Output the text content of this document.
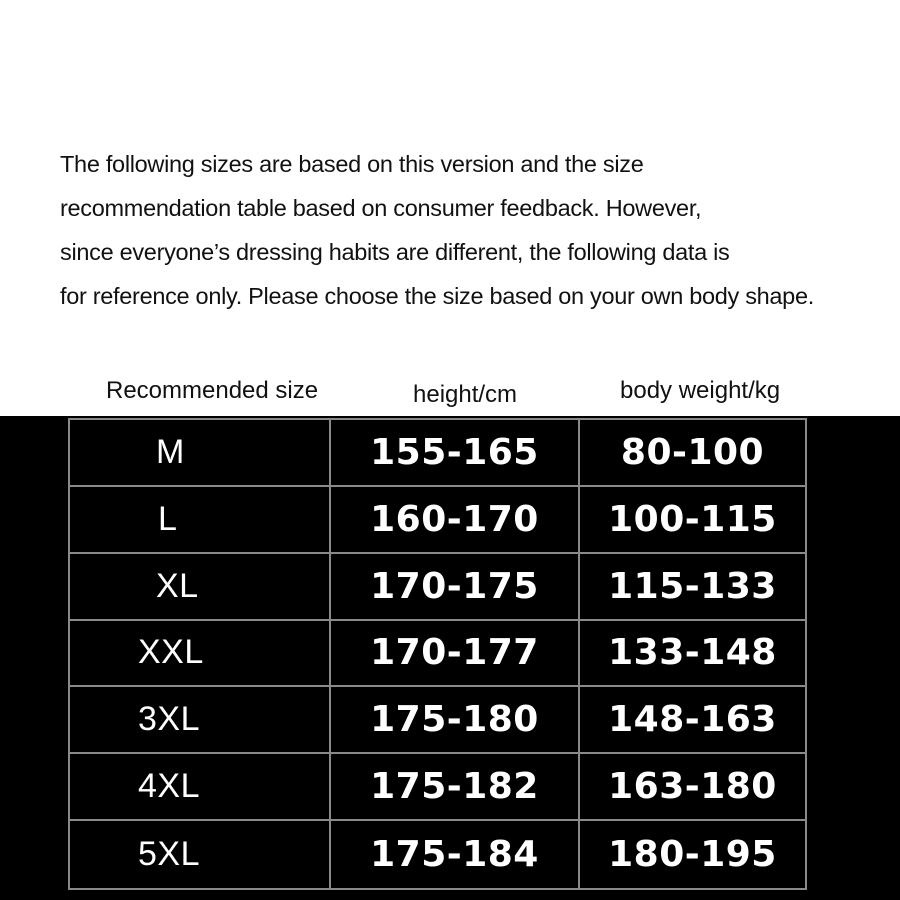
The following sizes are based on this version and the size
recommendation table based on consumer feedback. However,
since everyone’s dressing habits are different, the following data is
for reference only. Please choose the size based on your own body shape.
Recommended size	height/cm	body weight/kg
M	155-165	80-100
L	160-170	100-115
XL	170-175	115-133
XXL	170-177	133-148
3XL	175-180	148-163
4XL	175-182	163-180
5XL	175-184	180-195
